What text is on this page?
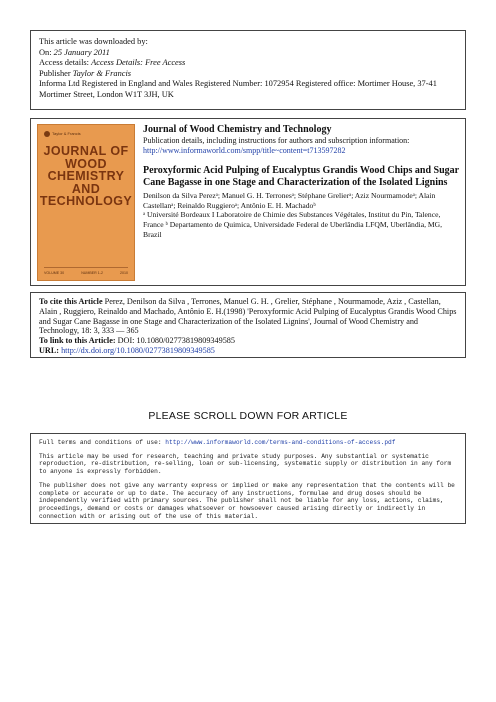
This article was downloaded by:
On: 25 January 2011
Access details: Access Details: Free Access
Publisher Taylor & Francis
Informa Ltd Registered in England and Wales Registered Number: 1072954 Registered office: Mortimer House, 37-41 Mortimer Street, London W1T 3JH, UK
Taylor & Francis
JOURNAL OF
WOOD
CHEMISTRY
AND
TECHNOLOGY
VOLUME 30	NUMBER 1-2	2010
Journal of Wood Chemistry and Technology
Publication details, including instructions for authors and subscription information:
http://www.informaworld.com/smpp/title~content=t713597282
Peroxyformic Acid Pulping of Eucalyptus Grandis Wood Chips and Sugar Cane Bagasse in one Stage and Characterization of the Isolated Lignins
Denilson da Silva Perezᵃ; Manuel G. H. Terronesᵃ; Stéphane Grelierᵃ; Aziz Nourmamodeᵃ; Alain Castellanᵃ; Reinaldo Ruggieroᵃ; Antônio E. H. Machadoᵇ
ᵃ Université Bordeaux I Laboratoire de Chimie des Substances Végétales, Institut du Pin, Talence, France ᵇ Departamento de Quimica, Universidade Federal de Uberlândia LFQM, Uberlândia, MG, Brazil
To cite this Article Perez, Denilson da Silva , Terrones, Manuel G. H. , Grelier, Stéphane , Nourmamode, Aziz , Castellan, Alain , Ruggiero, Reinaldo and Machado, Antônio E. H.(1998) 'Peroxyformic Acid Pulping of Eucalyptus Grandis Wood Chips and Sugar Cane Bagasse in one Stage and Characterization of the Isolated Lignins', Journal of Wood Chemistry and Technology, 18: 3, 333 — 365
To link to this Article: DOI: 10.1080/02773819809349585
URL: http://dx.doi.org/10.1080/02773819809349585
PLEASE SCROLL DOWN FOR ARTICLE

Full terms and conditions of use: http://www.informaworld.com/terms-and-conditions-of-access.pdf

This article may be used for research, teaching and private study purposes. Any substantial or systematic reproduction, re-distribution, re-selling, loan or sub-licensing, systematic supply or distribution in any form to anyone is expressly forbidden.

The publisher does not give any warranty express or implied or make any representation that the contents will be complete or accurate or up to date. The accuracy of any instructions, formulae and drug doses should be independently verified with primary sources. The publisher shall not be liable for any loss, actions, claims, proceedings, demand or costs or damages whatsoever or howsoever caused arising directly or indirectly in connection with or arising out of the use of this material.
